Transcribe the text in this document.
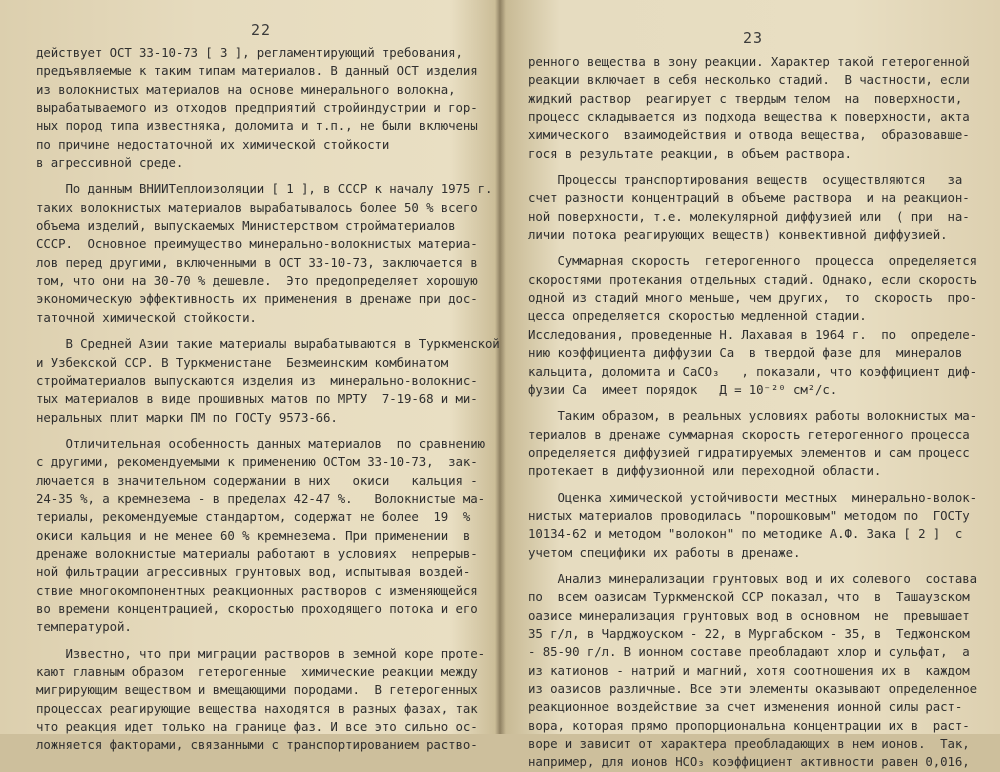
22
действует ОСТ 33-10-73 [ 3 ], регламентирующий требования,
предъявляемые к таким типам материалов. В данный ОСТ изделия
из волокнистых материалов на основе минерального волокна,
вырабатываемого из отходов предприятий стройиндустрии и гор-
ных пород типа известняка, доломита и т.п., не были включены
по причине недостаточной их химической стойкости
в агрессивной среде.
По данным ВНИИТеплоизоляции [ 1 ], в СССР к началу 1975 г.
таких волокнистых материалов вырабатывалось более 50 % всего
объема изделий, выпускаемых Министерством стройматериалов
СССР.  Основное преимущество минерально-волокнистых материа-
лов перед другими, включенными в ОСТ 33-10-73, заключается в
том, что они на 30-70 % дешевле.  Это предопределяет хорошую
экономическую эффективность их применения в дренаже при дос-
таточной химической стойкости.
В Средней Азии такие материалы вырабатываются в Туркменской
и Узбекской ССР. В Туркменистане  Безмеинским комбинатом
стройматериалов выпускаются изделия из  минерально-волокнис-
тых материалов в виде прошивных матов по МРТУ  7-19-68 и ми-
неральных плит марки ПМ по ГОСТу 9573-66.
Отличительная особенность данных материалов  по сравнению
с другими, рекомендуемыми к применению ОСТом 33-10-73,  зак-
лючается в значительном содержании в них   окиси   кальция -
24-35 %, а кремнезема - в пределах 42-47 %.   Волокнистые ма-
териалы, рекомендуемые стандартом, содержат не более  19  %
окиси кальция и не менее 60 % кремнезема. При применении  в
дренаже волокнистые материалы работают в условиях  непрерыв-
ной фильтрации агрессивных грунтовых вод, испытывая воздей-
ствие многокомпонентных реакционных растворов с изменяющейся
во времени концентрацией, скоростью проходящего потока и его
температурой.
Известно, что при миграции растворов в земной коре протe-
кают главным образом  гетерогенные  химические реакции между
мигрирующим веществом и вмещающими породами.  В гетерогенных
процессах реагирующие вещества находятся в разных фазах, так
что реакция идет только на границе фаз. И все это сильно ос-
ложняется факторами, связанными с транспортированием раство-
23
ренного вещества в зону реакции. Характер такой гетерогенной
реакции включает в себя несколько стадий.  В частности, если
жидкий раствор  реагирует с твердым телом  на  поверхности,
процесс складывается из подхода вещества к поверхности, акта
химического  взаимодействия и отвода вещества,  образовавше-
гося в результате реакции, в объем раствора.
Процессы транспортирования веществ  осуществляются   за
счет разности концентраций в объеме раствора  и на реакцион-
ной поверхности, т.е. молекулярной диффузией или  ( при  на-
личии потока реагирующих веществ) конвективной диффузией.
Суммарная скорость  гетерогенного  процесса  определяется
скоростями протекания отдельных стадий. Однако, если скорость
одной из стадий много меньше, чем других,  то  скорость  про-
цесса определяется скоростью медленной стадии.
Исследования, проведенные Н. Лахавая в 1964 г.  по  определе-
нию коэффициента диффузии Ca  в твердой фазе для  минералов
кальцита, доломита и CaCO₃   , показали, что коэффициент диф-
фузии Ca  имеет порядок   Д = 10⁻²⁰ см²/с.
Таким образом, в реальных условиях работы волокнистых ма-
териалов в дренаже суммарная скорость гетерогенного процесса
определяется диффузией гидратируемых элементов и сам процесс
протекает в диффузионной или переходной области.
Оценка химической устойчивости местных  минерально-волок-
нистых материалов проводилась "порошковым" методом по  ГОСТу
10134-62 и методом "волокон" по методике А.Ф. Зака [ 2 ]  с
учетом специфики их работы в дренаже.
Анализ минерализации грунтовых вод и их солевого  состава
по  всем оазисам Туркменской ССР показал, что  в  Ташаузском
оазисе минерализация грунтовых вод в основном  не  превышает
35 г/л, в Чарджоуском - 22, в Мургабском - 35, в  Теджонском
- 85-90 г/л. В ионном составе преобладают хлор и сульфат,  а
из катионов - натрий и магний, хотя соотношения их в  каждом
из оазисов различные. Все эти элементы оказывают определенное
реакционное воздействие за счет изменения ионной силы раст-
вора, которая прямо пропорциональна концентрации их в  раст-
воре и зависит от характера преобладающих в нем ионов.  Так,
например, для ионов HCO₃ коэффициент активности равен 0,016,
